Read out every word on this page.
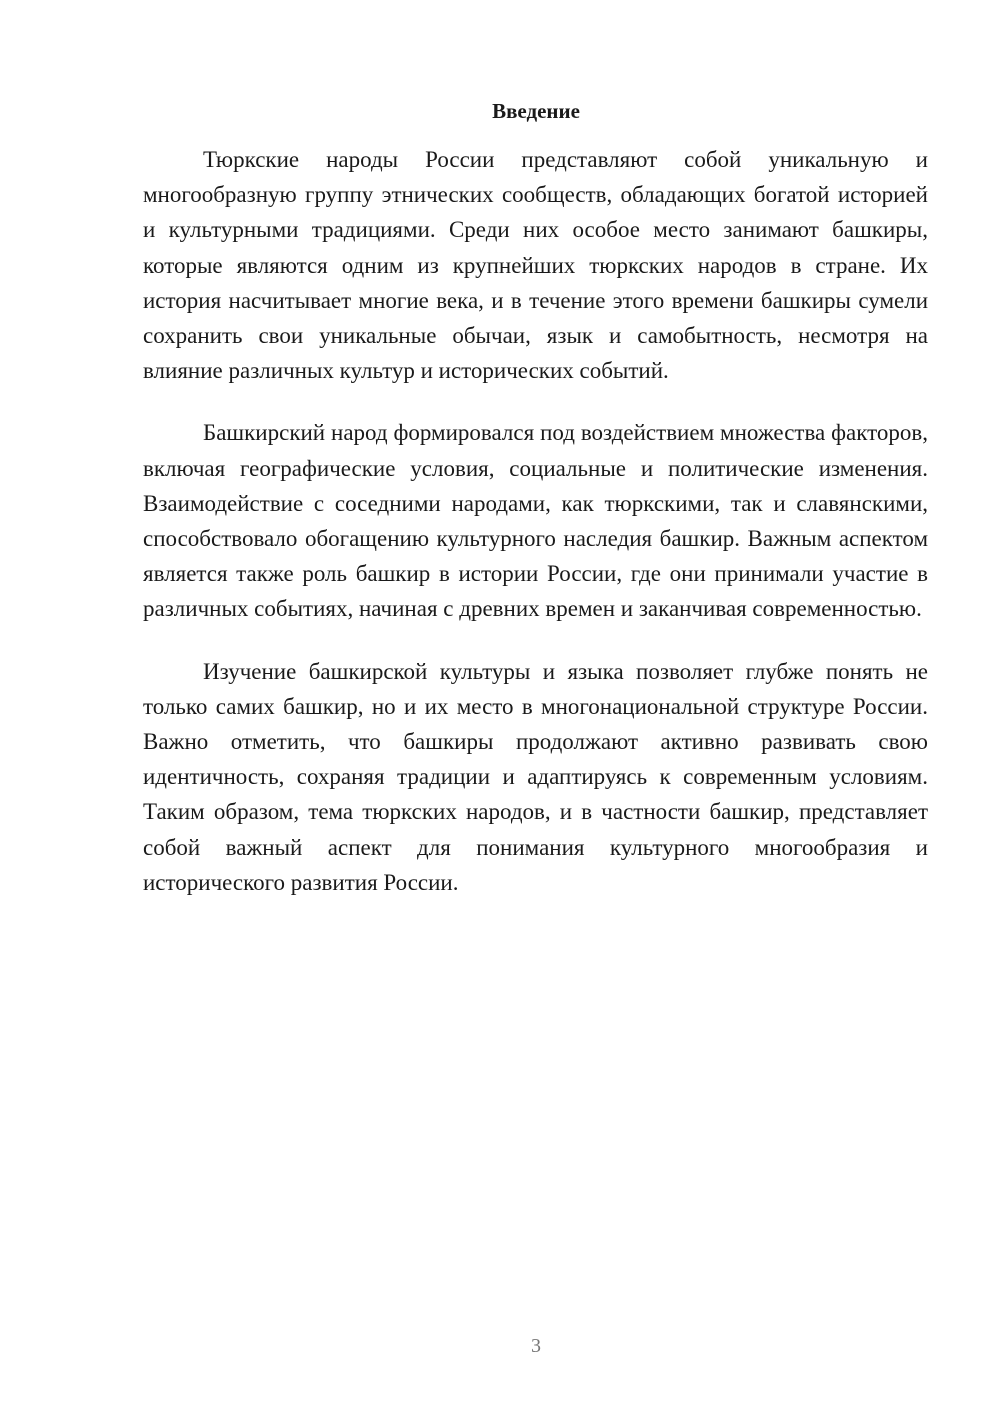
Введение

Тюркские народы России представляют собой уникальную и многообразную группу этнических сообществ, обладающих богатой историей и культурными традициями. Среди них особое место занимают башкиры, которые являются одним из крупнейших тюркских народов в стране. Их история насчитывает многие века, и в течение этого времени башкиры сумели сохранить свои уникальные обычаи, язык и самобытность, несмотря на влияние различных культур и исторических событий.

Башкирский народ формировался под воздействием множества факторов, включая географические условия, социальные и политические изменения. Взаимодействие с соседними народами, как тюркскими, так и славянскими, способствовало обогащению культурного наследия башкир. Важным аспектом является также роль башкир в истории России, где они принимали участие в различных событиях, начиная с древних времен и заканчивая современностью.

Изучение башкирской культуры и языка позволяет глубже понять не только самих башкир, но и их место в многонациональной структуре России. Важно отметить, что башкиры продолжают активно развивать свою идентичность, сохраняя традиции и адаптируясь к современным условиям. Таким образом, тема тюркских народов, и в частности башкир, представляет собой важный аспект для понимания культурного многообразия и исторического развития России.

3
